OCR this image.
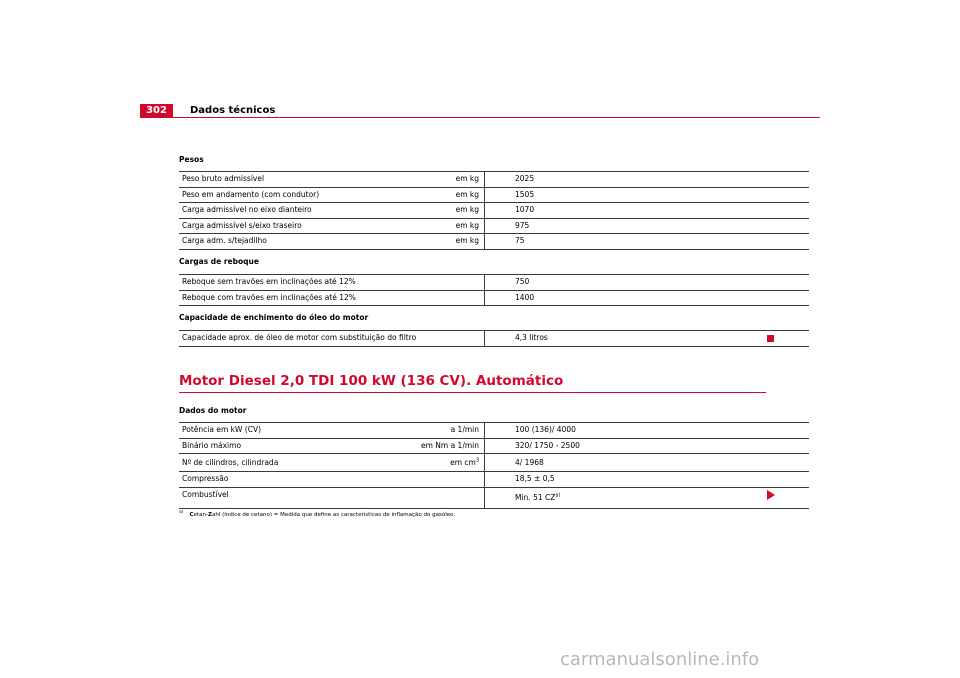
302	Dados técnicos
Pesos
Peso bruto admissível em kg	2025
Peso em andamento (com condutor) em kg	1505
Carga admissível no eixo dianteiro em kg	1070
Carga admissível s/eixo traseiro em kg	975
Carga adm. s/tejadilho em kg	75
Cargas de reboque
Reboque sem travões em inclinações até 12%	750
Reboque com travões em inclinações até 12%	1400
Capacidade de enchimento do óleo do motor
Capacidade aprox. de óleo de motor com substituição do filtro	4,3 litros
Motor Diesel 2,0 TDI 100 kW (136 CV). Automático
Dados do motor
Potência em kW (CV) a 1/min	100 (136)/ 4000
Binário máximo em Nm a 1/min	320/ 1750 - 2500
Nº de cilindros, cilindrada em $cm^3$	4/ 1968
Compressão	18,5 ± 0,5
Combustível	Min. 51 CZ$^{a)}$
$^{a)}$ Cetan-Zahl (índice de cetano) = Medida que define as características de inflamação do gasóleo.
carmanualsonline.info
